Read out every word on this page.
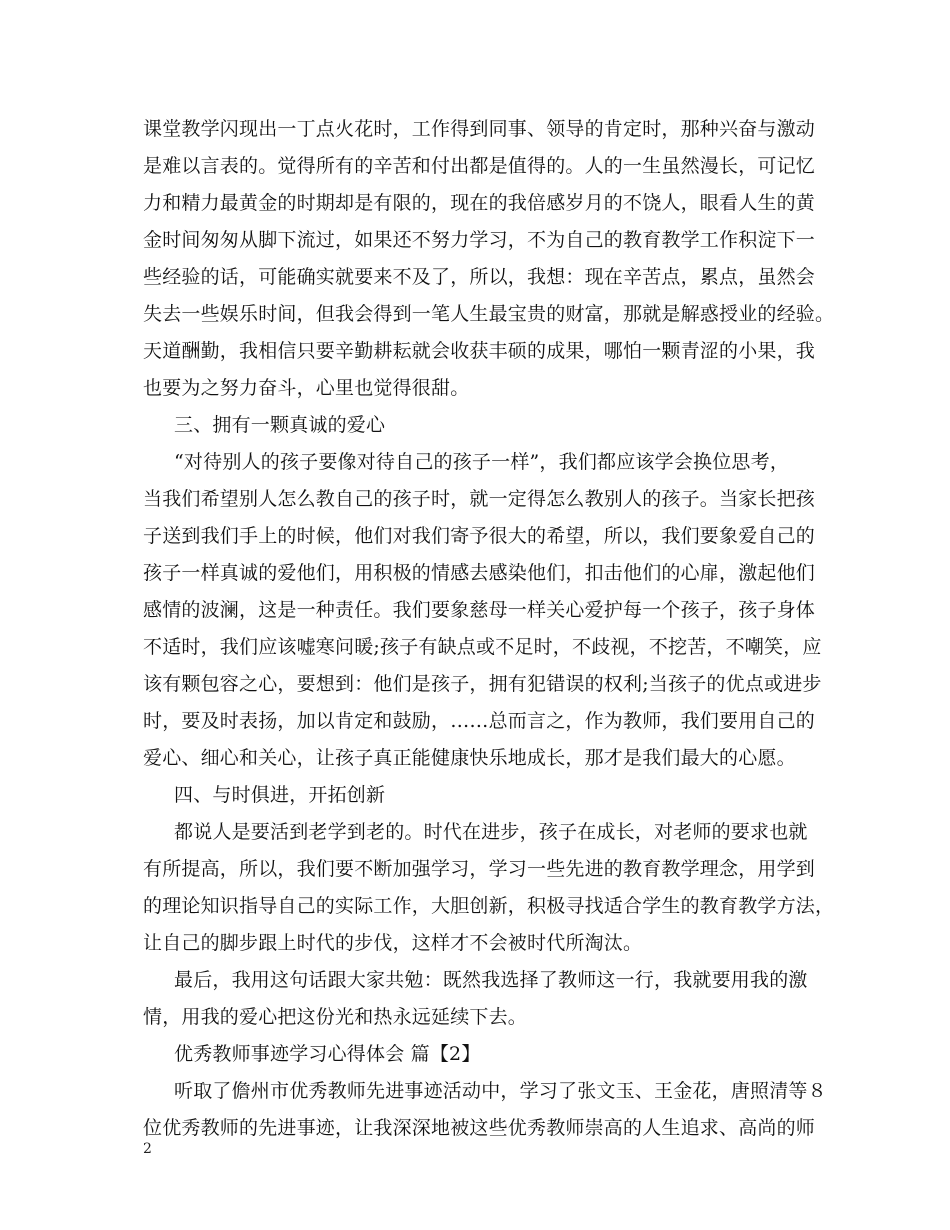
课堂教学闪现出一丁点火花时，工作得到同事、领导的肯定时，那种兴奋与激动
是难以言表的。觉得所有的辛苦和付出都是值得的。人的一生虽然漫长，可记忆
力和精力最黄金的时期却是有限的，现在的我倍感岁月的不饶人，眼看人生的黄
金时间匆匆从脚下流过，如果还不努力学习，不为自己的教育教学工作积淀下一
些经验的话，可能确实就要来不及了，所以，我想：现在辛苦点，累点，虽然会
失去一些娱乐时间，但我会得到一笔人生最宝贵的财富，那就是解惑授业的经验。
天道酬勤，我相信只要辛勤耕耘就会收获丰硕的成果，哪怕一颗青涩的小果，我
也要为之努力奋斗，心里也觉得很甜。
三、拥有一颗真诚的爱心
“对待别人的孩子要像对待自己的孩子一样”，我们都应该学会换位思考，
当我们希望别人怎么教自己的孩子时，就一定得怎么教别人的孩子。当家长把孩
子送到我们手上的时候，他们对我们寄予很大的希望，所以，我们要象爱自己的
孩子一样真诚的爱他们，用积极的情感去感染他们，扣击他们的心扉，激起他们
感情的波澜，这是一种责任。我们要象慈母一样关心爱护每一个孩子，孩子身体
不适时，我们应该嘘寒问暖;孩子有缺点或不足时，不歧视，不挖苦，不嘲笑，应
该有颗包容之心，要想到：他们是孩子，拥有犯错误的权利;当孩子的优点或进步
时，要及时表扬，加以肯定和鼓励，……总而言之，作为教师，我们要用自己的
爱心、细心和关心，让孩子真正能健康快乐地成长，那才是我们最大的心愿。
四、与时俱进，开拓创新
都说人是要活到老学到老的。时代在进步，孩子在成长，对老师的要求也就
有所提高，所以，我们要不断加强学习，学习一些先进的教育教学理念，用学到
的理论知识指导自己的实际工作，大胆创新，积极寻找适合学生的教育教学方法，
让自己的脚步跟上时代的步伐，这样才不会被时代所淘汰。
最后，我用这句话跟大家共勉：既然我选择了教师这一行，我就要用我的激
情，用我的爱心把这份光和热永远延续下去。
优秀教师事迹学习心得体会 篇【2】
听取了儋州市优秀教师先进事迹活动中，学习了张文玉、王金花，唐照清等８
位优秀教师的先进事迹，让我深深地被这些优秀教师崇高的人生追求、高尚的师
2
